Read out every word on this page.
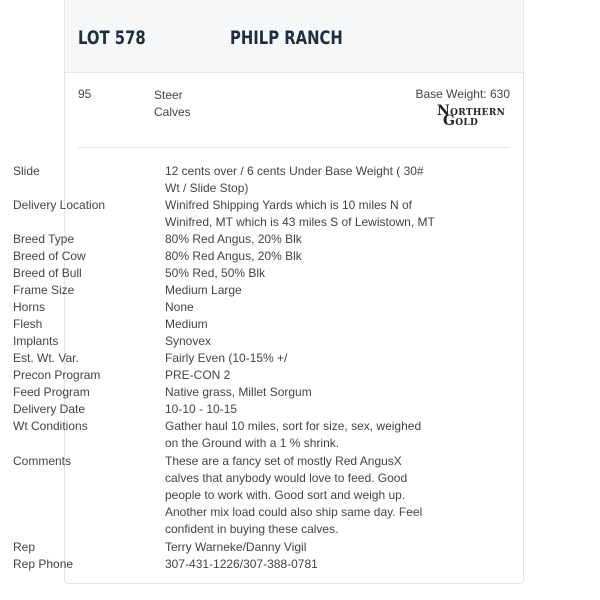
LOT 578	PHILP RANCH
95	Steer Calves
Base Weight: 630
NORTHERN
GOLD
Slide	12 cents over / 6 cents Under Base Weight ( 30# Wt / Slide Stop)
Delivery Location	Winifred Shipping Yards which is 10 miles N of Winifred, MT which is 43 miles S of Lewistown, MT
Breed Type	80% Red Angus, 20% Blk
Breed of Cow	80% Red Angus, 20% Blk
Breed of Bull	50% Red, 50% Blk
Frame Size	Medium Large
Horns	None
Flesh	Medium
Implants	Synovex
Est. Wt. Var.	Fairly Even (10-15% +/
Precon Program	PRE-CON 2
Feed Program	Native grass, Millet Sorgum
Delivery Date	10-10 - 10-15
Wt Conditions	Gather haul 10 miles, sort for size, sex, weighed on the Ground with a 1 % shrink.
Comments	These are a fancy set of mostly Red AngusX calves that anybody would love to feed. Good people to work with. Good sort and weigh up. Another mix load could also ship same day. Feel confident in buying these calves.
Rep	Terry Warneke/Danny Vigil
Rep Phone	307-431-1226/307-388-0781
